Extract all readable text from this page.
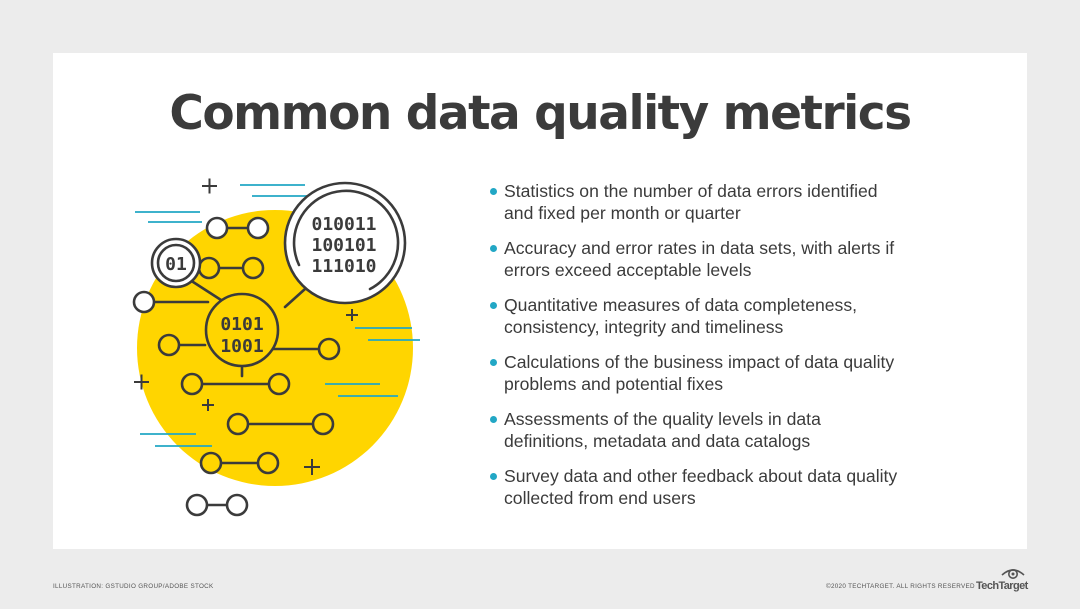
Common data quality metrics
01
0101
1001
010011
100101
111010
Statistics on the number of data errors identified
and fixed per month or quarter
Accuracy and error rates in data sets, with alerts if
errors exceed acceptable levels
Quantitative measures of data completeness,
consistency, integrity and timeliness
Calculations of the business impact of data quality
problems and potential fixes
Assessments of the quality levels in data
definitions, metadata and data catalogs
Survey data and other feedback about data quality
collected from end users
ILLUSTRATION: GSTUDIO GROUP/ADOBE STOCK	©2020 TECHTARGET. ALL RIGHTS RESERVED TechTarget
